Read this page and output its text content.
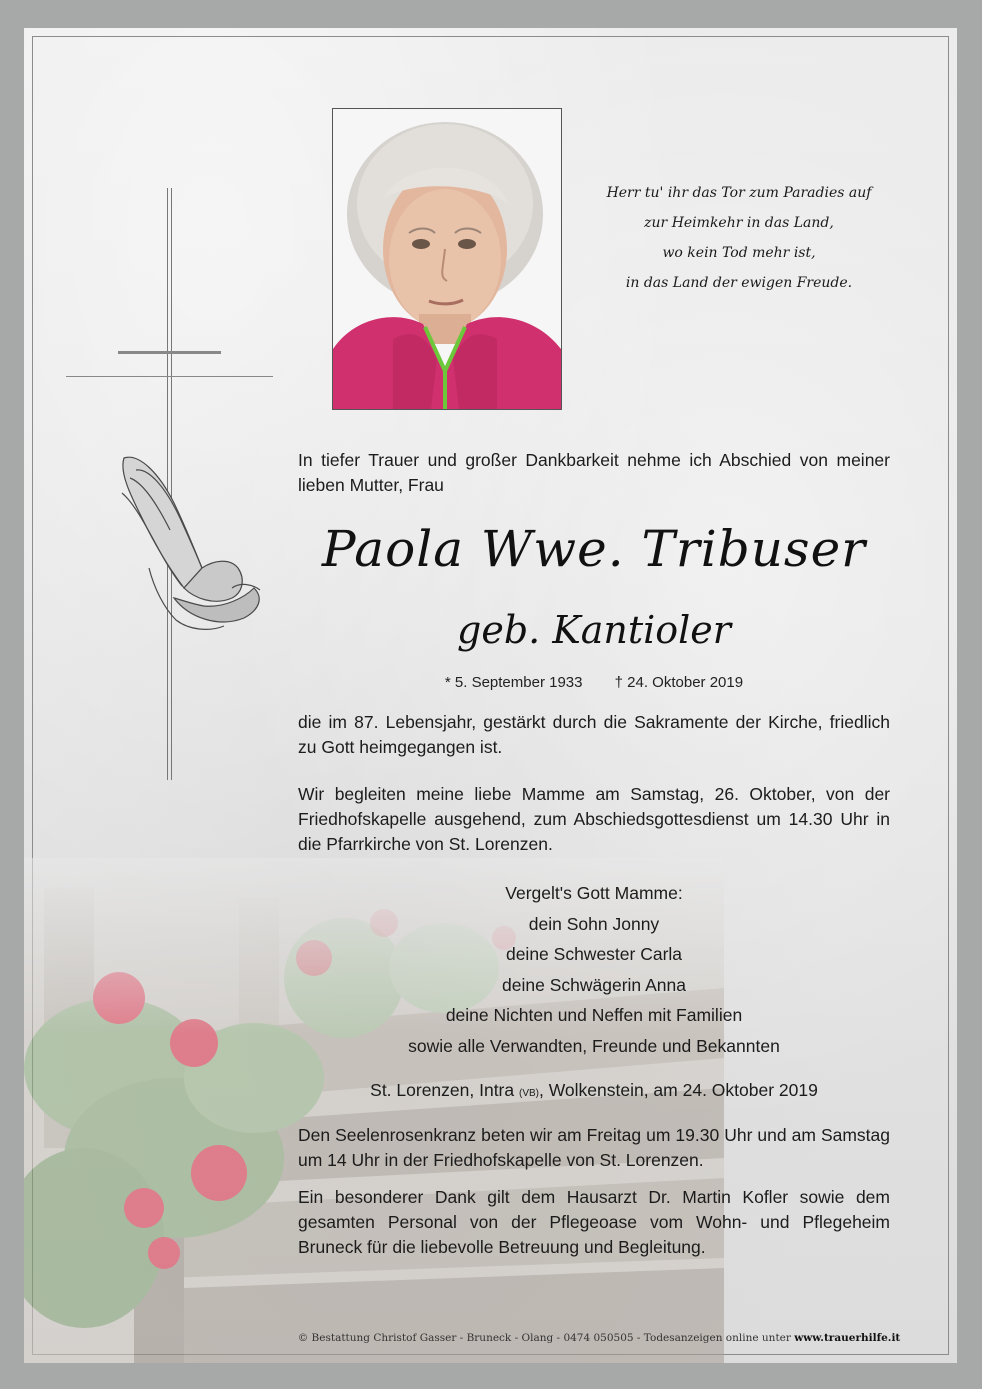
Herr tu' ihr das Tor zum Paradies auf
zur Heimkehr in das Land,
wo kein Tod mehr ist,
in das Land der ewigen Freude.
In tiefer Trauer und großer Dankbarkeit nehme ich Abschied von meiner lieben Mutter, Frau
Paola Wwe. Tribuser
geb. Kantioler
* 5. September 1933 † 24. Oktober 2019
die im 87. Lebensjahr, gestärkt durch die Sakramente der Kirche, friedlich zu Gott heimgegangen ist.
Wir begleiten meine liebe Mamme am Samstag, 26. Oktober, von der Friedhofskapelle ausgehend, zum Abschiedsgottesdienst um 14.30 Uhr in die Pfarrkirche von St. Lorenzen.
Vergelt's Gott Mamme:
dein Sohn Jonny
deine Schwester Carla
deine Schwägerin Anna
deine Nichten und Neffen mit Familien
sowie alle Verwandten, Freunde und Bekannten
St. Lorenzen, Intra (VB), Wolkenstein, am 24. Oktober 2019
Den Seelenrosenkranz beten wir am Freitag um 19.30 Uhr und am Samstag um 14 Uhr in der Friedhofskapelle von St. Lorenzen.
Ein besonderer Dank gilt dem Hausarzt Dr. Martin Kofler sowie dem gesamten Personal von der Pflegeoase vom Wohn- und Pflegeheim Bruneck für die liebevolle Betreuung und Begleitung.
© Bestattung Christof Gasser - Bruneck - Olang - 0474 050505 - Todesanzeigen online unter www.trauerhilfe.it
